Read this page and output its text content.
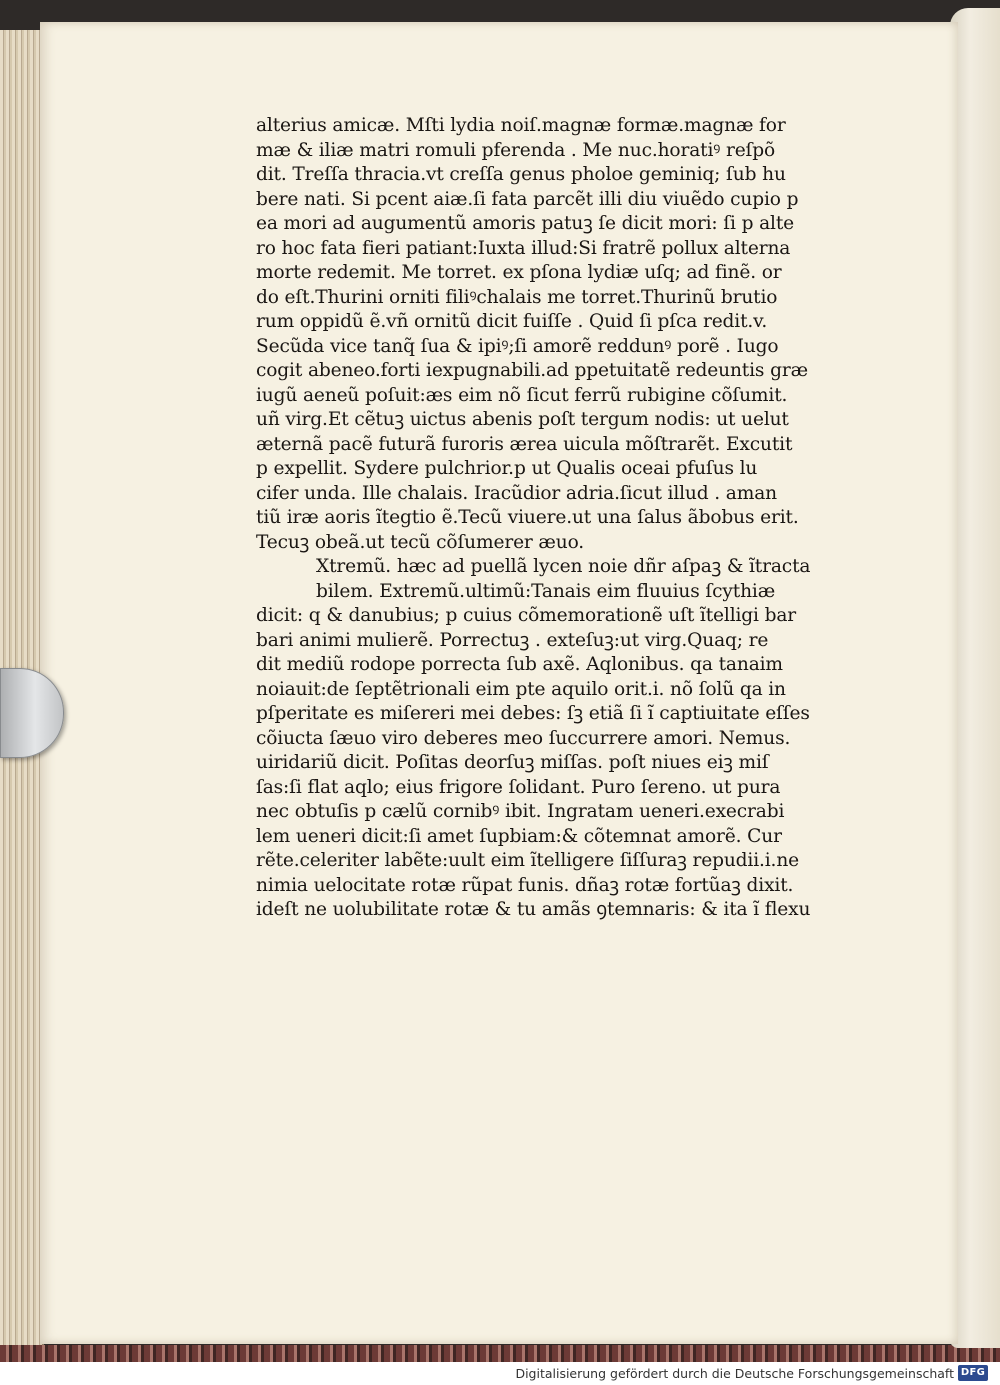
alterius amicæ. Mſti lydia noiſ.magnæ formæ.magnæ for
mæ & iliæ matri romuli pferenda . Me nuc.horatiꝰ reſpõ
dit. Treſſa thracia.vt creſſa genus pholoe geminiq; ſub hu
bere nati. Si pcent aiæ.ſi fata parcẽt illi diu viuẽdo cupio p
ea mori ad augumentũ amoris patuꝫ ſe dicit mori: ſi p alte
ro hoc fata fieri patiant:Iuxta illud:Si fratrẽ pollux alterna
morte redemit. Me torret. ex pſona lydiæ uſq; ad finẽ. or
do eſt.Thurini orniti filiꝰchalais me torret.Thurinũ brutio
rum oppidũ ẽ.vñ ornitũ dicit fuiſſe . Quid ſi pſca redit.v.
Secũda vice tanq̃ ſua & ipiꝰ;ſi amorẽ reddunꝰ porẽ . Iugo
cogit abeneo.forti iexpugnabili.ad ppetuitatẽ redeuntis græ
iugũ aeneũ poſuit:æs eim nõ ſicut ferrũ rubigine cõſumit.
uñ virg.Et cẽtuꝫ uictus abenis poſt tergum nodis: ut uelut
æternã pacẽ futurã furoris ærea uicula mõſtrarẽt. Excutit
p expellit. Sydere pulchrior.p ut Qualis oceai pfuſus lu
cifer unda. Ille chalais. Iracũdior adria.ſicut illud . aman
tiũ iræ aoris ĩtegtio ẽ.Tecũ viuere.ut una ſalus ãbobus erit.
Tecuꝫ obeã.ut tecũ cõſumerer æuo.
Xtremũ. hæc ad puellã lycen noie dñr aſpaꝫ & ĩtracta
bilem. Extremũ.ultimũ:Tanais eim fluuius ſcythiæ
dicit: q & danubius; p cuius cõmemorationẽ uſt ĩtelligi bar
bari animi mulierẽ. Porrectuꝫ . exteſuꝫ:ut virg.Quaq; re
dit mediũ rodope porrecta ſub axẽ. Aqlonibus. qa tanaim
noiauit:de ſeptẽtrionali eim pte aquilo orit.i. nõ ſolũ qa in
pſperitate es miſereri mei debes: ſꝫ etiã ſi ĩ captiuitate eſſes
cõiucta ſæuo viro deberes meo ſuccurrere amori. Nemus.
uiridariũ dicit. Poſitas deorſuꝫ miſſas. poſt niues eiꝫ miſ
ſas:ſi flat aqlo; eius frigore ſolidant. Puro ſereno. ut pura
nec obtuſis p cælũ cornibꝰ ibit. Ingratam ueneri.execrabi
lem ueneri dicit:ſi amet ſupbiam:& cõtemnat amorẽ. Cur
rẽte.celeriter labẽte:uult eim ĩtelligere ſiſſuraꝫ repudii.i.ne
nimia uelocitate rotæ rũpat funis. dñaꝫ rotæ fortũaꝫ dixit.
ideſt ne uolubilitate rotæ & tu amãs ꝯtemnaris: & ita ĩ flexu
Digitalisierung gefördert durch die Deutsche Forschungsgemeinschaft DFG
